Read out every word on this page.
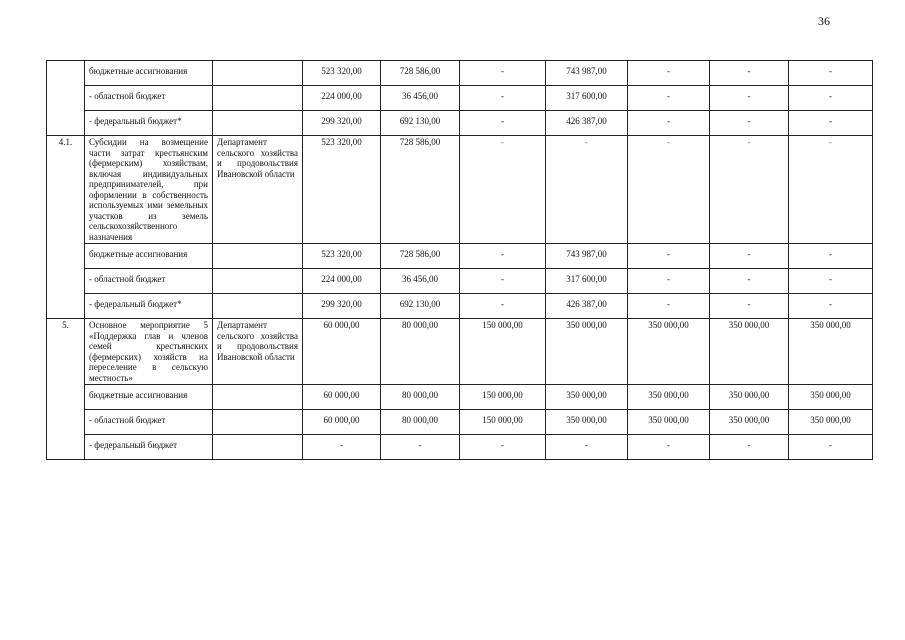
36
	бюджетные ассигнования		523 320,00	728 586,00	-	743 987,00	-	-	-
	- областной бюджет		224 000,00	36 456,00	-	317 600,00	-	-	-
	- федеральный бюджет*		299 320,00	692 130,00	-	426 387,00	-	-	-
4.1.	Субсидии на возмещение части затрат крестьянским (фермерским) хозяйствам, включая индивидуальных предпринимателей, при оформлении в собственность используемых ими земельных участков из земель сельскохозяйственного назначения	Департамент сельского хозяйства и продовольствия Ивановской области	523 320,00	728 586,00	-	-	-	-	-
	бюджетные ассигнования		523 320,00	728 586,00	-	743 987,00	-	-	-
	- областной бюджет		224 000,00	36 456,00	-	317 600,00	-	-	-
	- федеральный бюджет*		299 320,00	692 130,00	-	426 387,00	-	-	-
5.	Основное мероприятие 5 «Поддержка глав и членов семей крестьянских (фермерских) хозяйств на переселение в сельскую местность»	Департамент сельского хозяйства и продовольствия Ивановской области	60 000,00	80 000,00	150 000,00	350 000,00	350 000,00	350 000,00	350 000,00
	бюджетные ассигнования		60 000,00	80 000,00	150 000,00	350 000,00	350 000,00	350 000,00	350 000,00
	- областной бюджет		60 000,00	80 000,00	150 000,00	350 000,00	350 000,00	350 000,00	350 000,00
	- федеральный бюджет		-	-	-	-	-	-	-
